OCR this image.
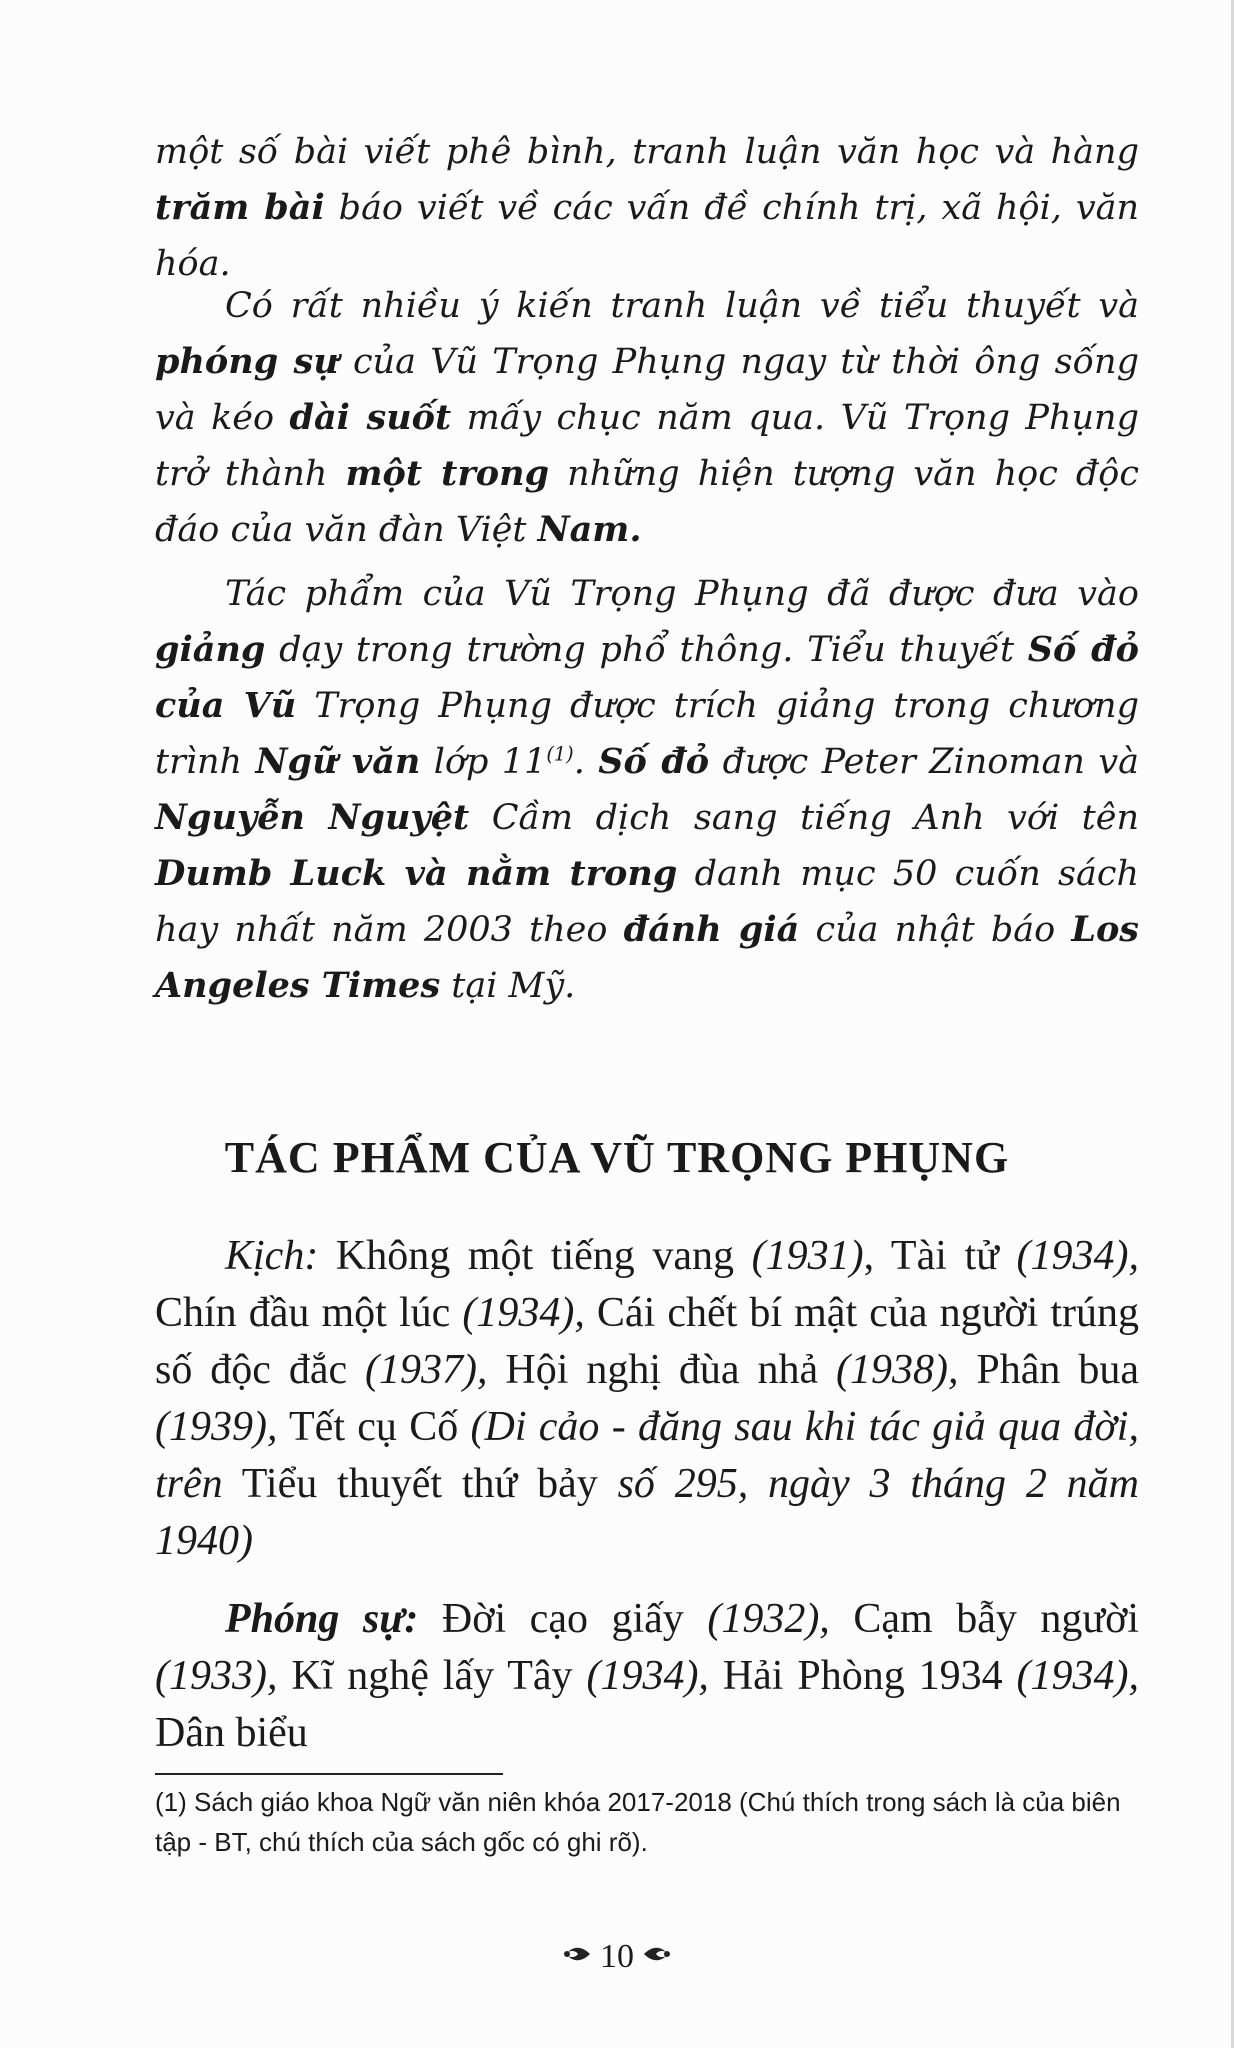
một số bài viết phê bình, tranh luận văn học và hàng trăm bài báo viết về các vấn đề chính trị, xã hội, văn hóa.

Có rất nhiều ý kiến tranh luận về tiểu thuyết và phóng sự của Vũ Trọng Phụng ngay từ thời ông sống và kéo dài suốt mấy chục năm qua. Vũ Trọng Phụng trở thành một trong những hiện tượng văn học độc đáo của văn đàn Việt Nam.

Tác phẩm của Vũ Trọng Phụng đã được đưa vào giảng dạy trong trường phổ thông. Tiểu thuyết Số đỏ của Vũ Trọng Phụng được trích giảng trong chương trình Ngữ văn lớp 11$^{(1)}$. Số đỏ được Peter Zinoman và Nguyễn Nguyệt Cầm dịch sang tiếng Anh với tên Dumb Luck và nằm trong danh mục 50 cuốn sách hay nhất năm 2003 theo đánh giá của nhật báo Los Angeles Times tại Mỹ.

TÁC PHẨM CỦA VŨ TRỌNG PHỤNG

Kịch: Không một tiếng vang (1931), Tài tử (1934), Chín đầu một lúc (1934), Cái chết bí mật của người trúng số độc đắc (1937), Hội nghị đùa nhả (1938), Phân bua (1939), Tết cụ Cố (Di cảo - đăng sau khi tác giả qua đời, trên Tiểu thuyết thứ bảy số 295, ngày 3 tháng 2 năm 1940)

Phóng sự: Đời cạo giấy (1932), Cạm bẫy người (1933), Kĩ nghệ lấy Tây (1934), Hải Phòng 1934 (1934), Dân biểu

(1) Sách giáo khoa Ngữ văn niên khóa 2017-2018 (Chú thích trong sách là của biên tập - BT, chú thích của sách gốc có ghi rõ).

10
